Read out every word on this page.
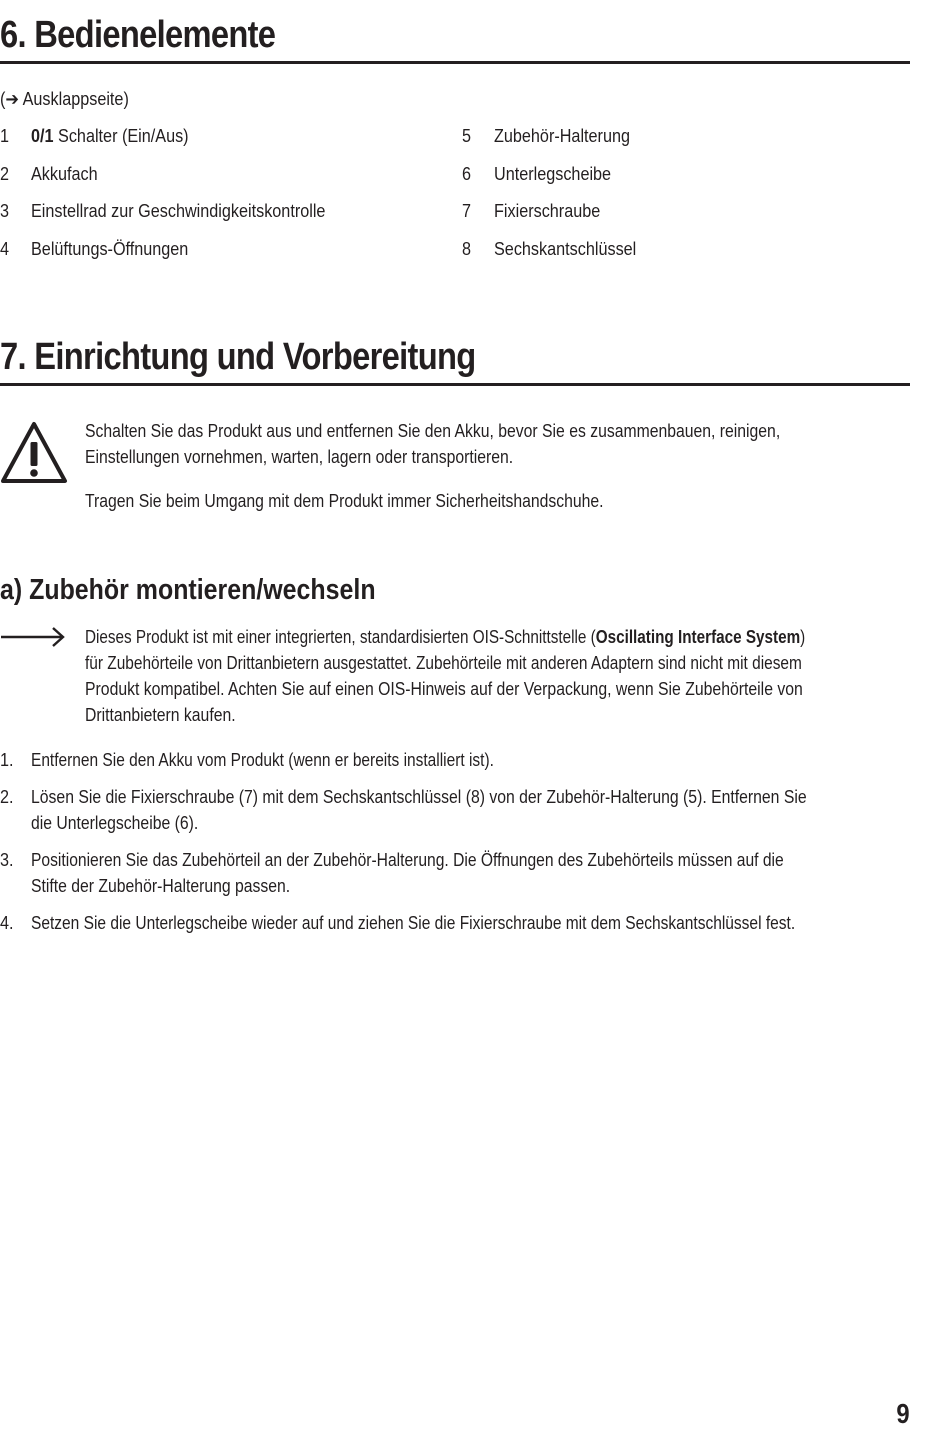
6. Bedienelemente
(➔ Ausklappseite)
1 0/1 Schalter (Ein/Aus)
2 Akkufach
3 Einstellrad zur Geschwindigkeitskontrolle
4 Belüftungs-Öffnungen
5 Zubehör-Halterung
6 Unterlegscheibe
7 Fixierschraube
8 Sechskantschlüssel
7. Einrichtung und Vorbereitung
Schalten Sie das Produkt aus und entfernen Sie den Akku, bevor Sie es zusammenbauen, reinigen,
Einstellungen vornehmen, warten, lagern oder transportieren.
Tragen Sie beim Umgang mit dem Produkt immer Sicherheitshandschuhe.
a) Zubehör montieren/wechseln
Dieses Produkt ist mit einer integrierten, standardisierten OIS-Schnittstelle (Oscillating Interface System)
für Zubehörteile von Drittanbietern ausgestattet. Zubehörteile mit anderen Adaptern sind nicht mit diesem
Produkt kompatibel. Achten Sie auf einen OIS-Hinweis auf der Verpackung, wenn Sie Zubehörteile von
Drittanbietern kaufen.
1. Entfernen Sie den Akku vom Produkt (wenn er bereits installiert ist).
2. Lösen Sie die Fixierschraube (7) mit dem Sechskantschlüssel (8) von der Zubehör-Halterung (5). Entfernen Sie
die Unterlegscheibe (6).
3. Positionieren Sie das Zubehörteil an der Zubehör-Halterung. Die Öffnungen des Zubehörteils müssen auf die
Stifte der Zubehör-Halterung passen.
4. Setzen Sie die Unterlegscheibe wieder auf und ziehen Sie die Fixierschraube mit dem Sechskantschlüssel fest.
9
